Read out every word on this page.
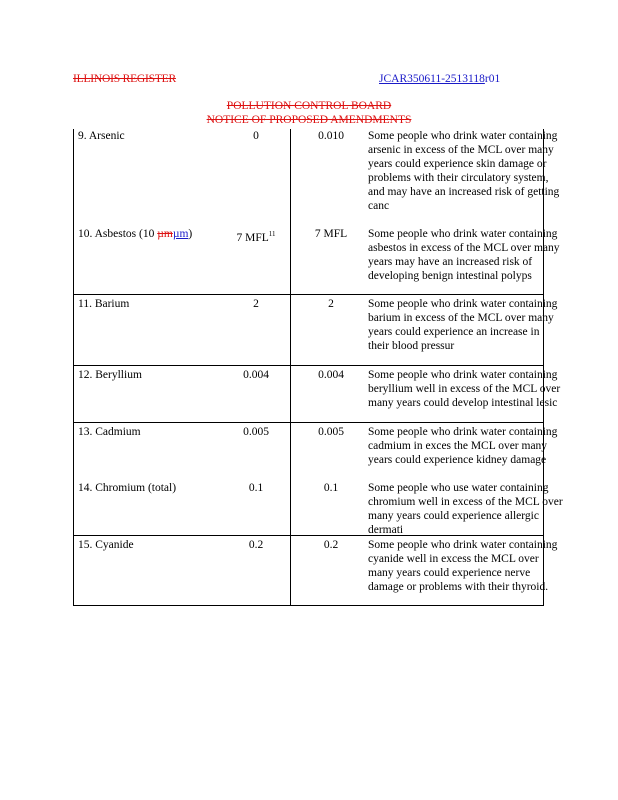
ILLINOIS REGISTER	JCAR350611-2513118r01
POLLUTION CONTROL BOARD
NOTICE OF PROPOSED AMENDMENTS
9. Arsenic	0	0.010	Some people who drink water containing arsenic in excess of the MCL over many years could experience skin damage or problems with their circulatory system, and may have an increased risk of getting canc
10. Asbestos (10 µmµm)	7 MFL$^{11}$	7 MFL	Some people who drink water containing asbestos in excess of the MCL over many years may have an increased risk of developing benign intestinal polyps
11. Barium	2	2	Some people who drink water containing barium in excess of the MCL over many years could experience an increase in their blood pressur
12. Beryllium	0.004	0.004	Some people who drink water containing beryllium well in excess of the MCL over many years could develop intestinal lesic
13. Cadmium	0.005	0.005	Some people who drink water containing cadmium in exces the MCL over many years could experience kidney damage
14. Chromium (total)	0.1	0.1	Some people who use water containing chromium well in excess of the MCL over many years could experience allergic dermati
15. Cyanide	0.2	0.2	Some people who drink water containing cyanide well in excess the MCL over many years could experience nerve damage or problems with their thyroid.
